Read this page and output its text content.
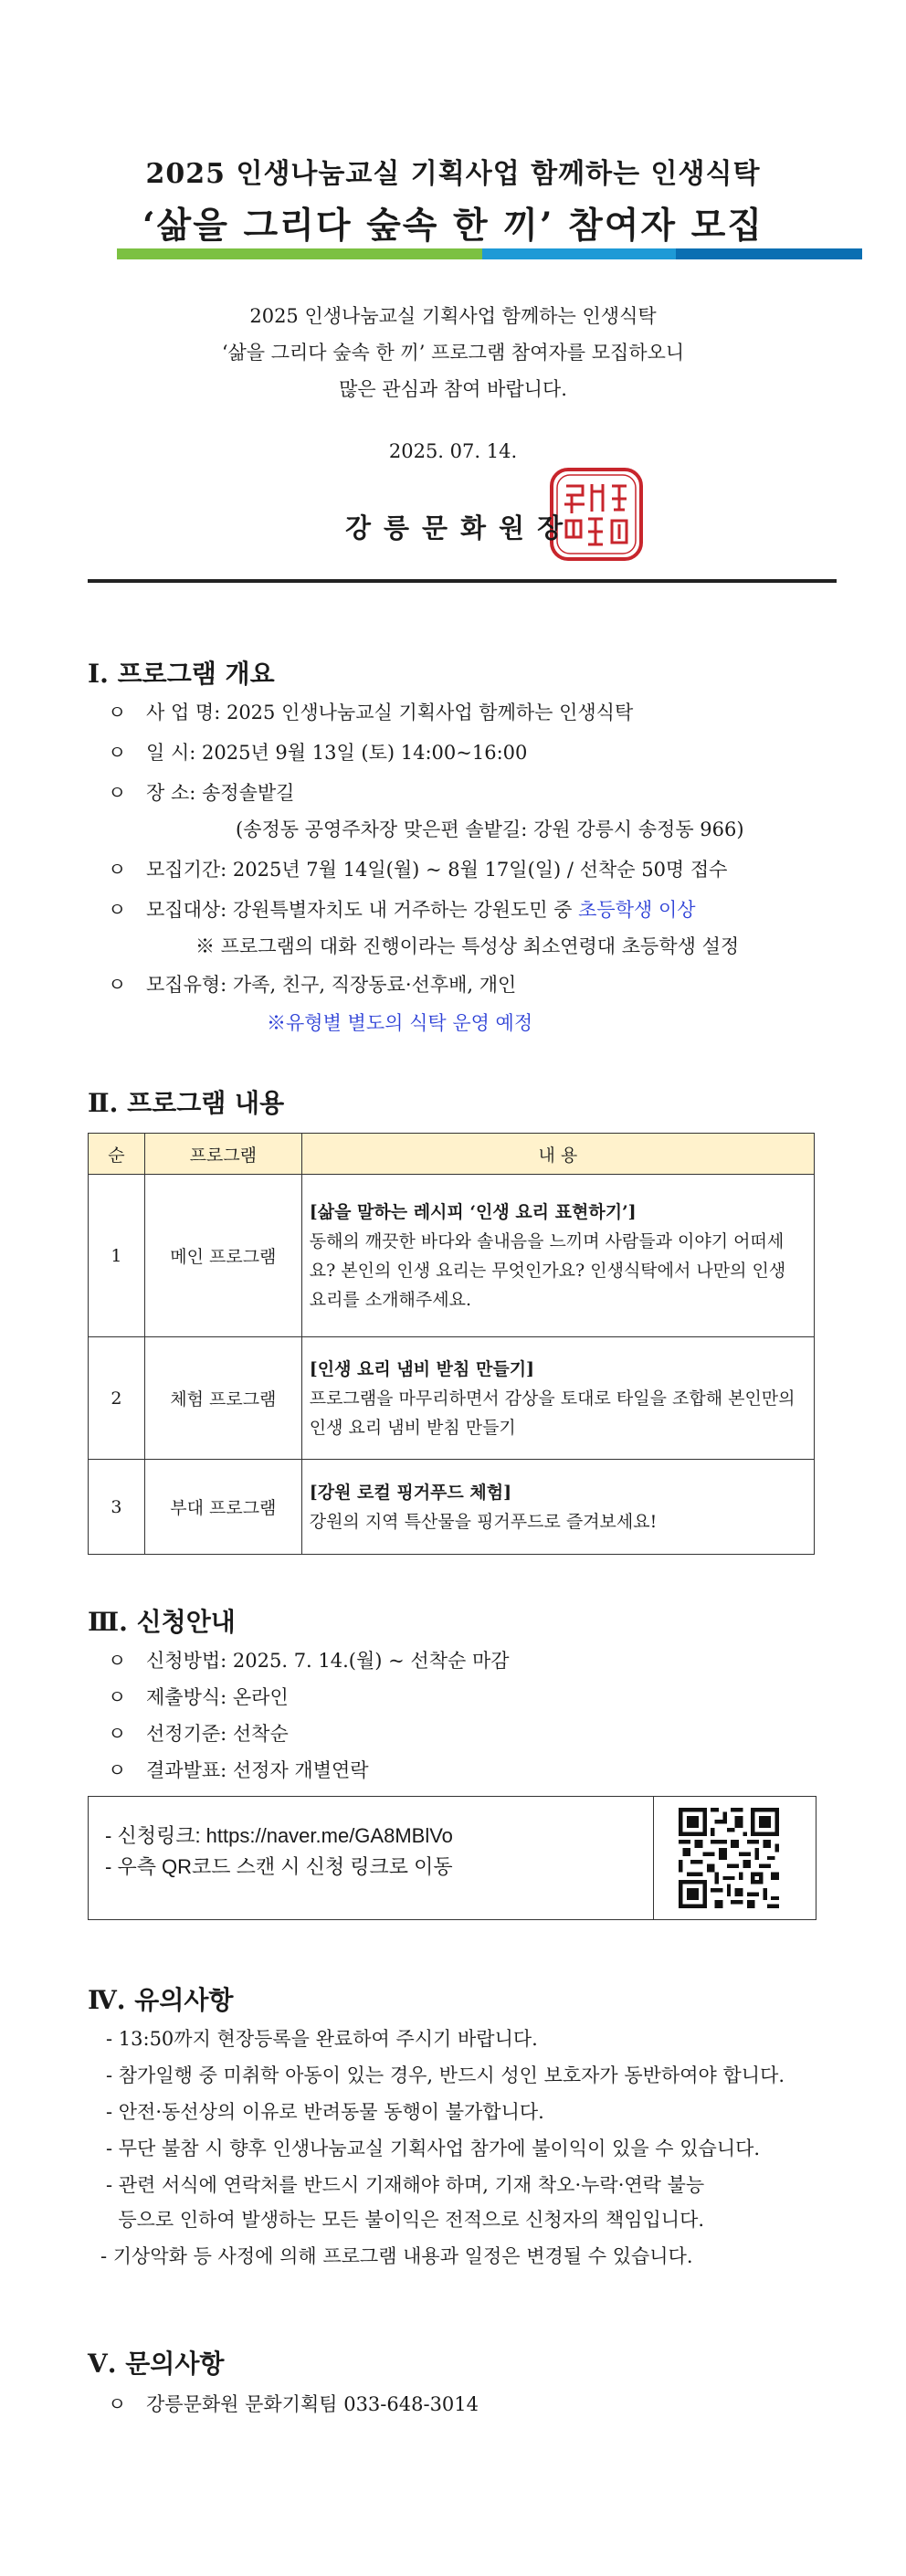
2025 인생나눔교실 기획사업 함께하는 인생식탁
‘삶을 그리다 숲속 한 끼’ 참여자 모집
2025 인생나눔교실 기획사업 함께하는 인생식탁
‘삶을 그리다 숲속 한 끼’ 프로그램 참여자를 모집하오니
많은 관심과 참여 바랍니다.
2025. 07. 14.
강릉문화원장
Ⅰ. 프로그램 개요
ㅇ 사 업 명: 2025 인생나눔교실 기획사업 함께하는 인생식탁
ㅇ 일 시: 2025년 9월 13일 (토) 14:00~16:00
ㅇ 장 소: 송정솔밭길
(송정동 공영주차장 맞은편 솔밭길: 강원 강릉시 송정동 966)
ㅇ 모집기간: 2025년 7월 14일(월) ~ 8월 17일(일) / 선착순 50명 접수
ㅇ 모집대상: 강원특별자치도 내 거주하는 강원도민 중 초등학생 이상
※ 프로그램의 대화 진행이라는 특성상 최소연령대 초등학생 설정
ㅇ 모집유형: 가족, 친구, 직장동료·선후배, 개인
※유형별 별도의 식탁 운영 예정
Ⅱ. 프로그램 내용
순	프로그램	내 용
1	메인 프로그램	[삶을 말하는 레시피 ‘인생 요리 표현하기’]
동해의 깨끗한 바다와 솔내음을 느끼며 사람들과 이야기 어떠세요? 본인의 인생 요리는 무엇인가요? 인생식탁에서 나만의 인생 요리를 소개해주세요.
2	체험 프로그램	[인생 요리 냄비 받침 만들기]
프로그램을 마무리하면서 감상을 토대로 타일을 조합해 본인만의 인생 요리 냄비 받침 만들기
3	부대 프로그램	[강원 로컬 핑거푸드 체험]
강원의 지역 특산물을 핑거푸드로 즐겨보세요!
Ⅲ. 신청안내
ㅇ 신청방법: 2025. 7. 14.(월) ~ 선착순 마감
ㅇ 제출방식: 온라인
ㅇ 선정기준: 선착순
ㅇ 결과발표: 선정자 개별연락
- 신청링크: https://naver.me/GA8MBlVo
- 우측 QR코드 스캔 시 신청 링크로 이동
Ⅳ. 유의사항
- 13:50까지 현장등록을 완료하여 주시기 바랍니다.
- 참가일행 중 미취학 아동이 있는 경우, 반드시 성인 보호자가 동반하여야 합니다.
- 안전·동선상의 이유로 반려동물 동행이 불가합니다.
- 무단 불참 시 향후 인생나눔교실 기획사업 참가에 불이익이 있을 수 있습니다.
- 관련 서식에 연락처를 반드시 기재해야 하며, 기재 착오·누락·연락 불능
등으로 인하여 발생하는 모든 불이익은 전적으로 신청자의 책임입니다.
- 기상악화 등 사정에 의해 프로그램 내용과 일정은 변경될 수 있습니다.
Ⅴ. 문의사항
ㅇ 강릉문화원 문화기획팀 033-648-3014
